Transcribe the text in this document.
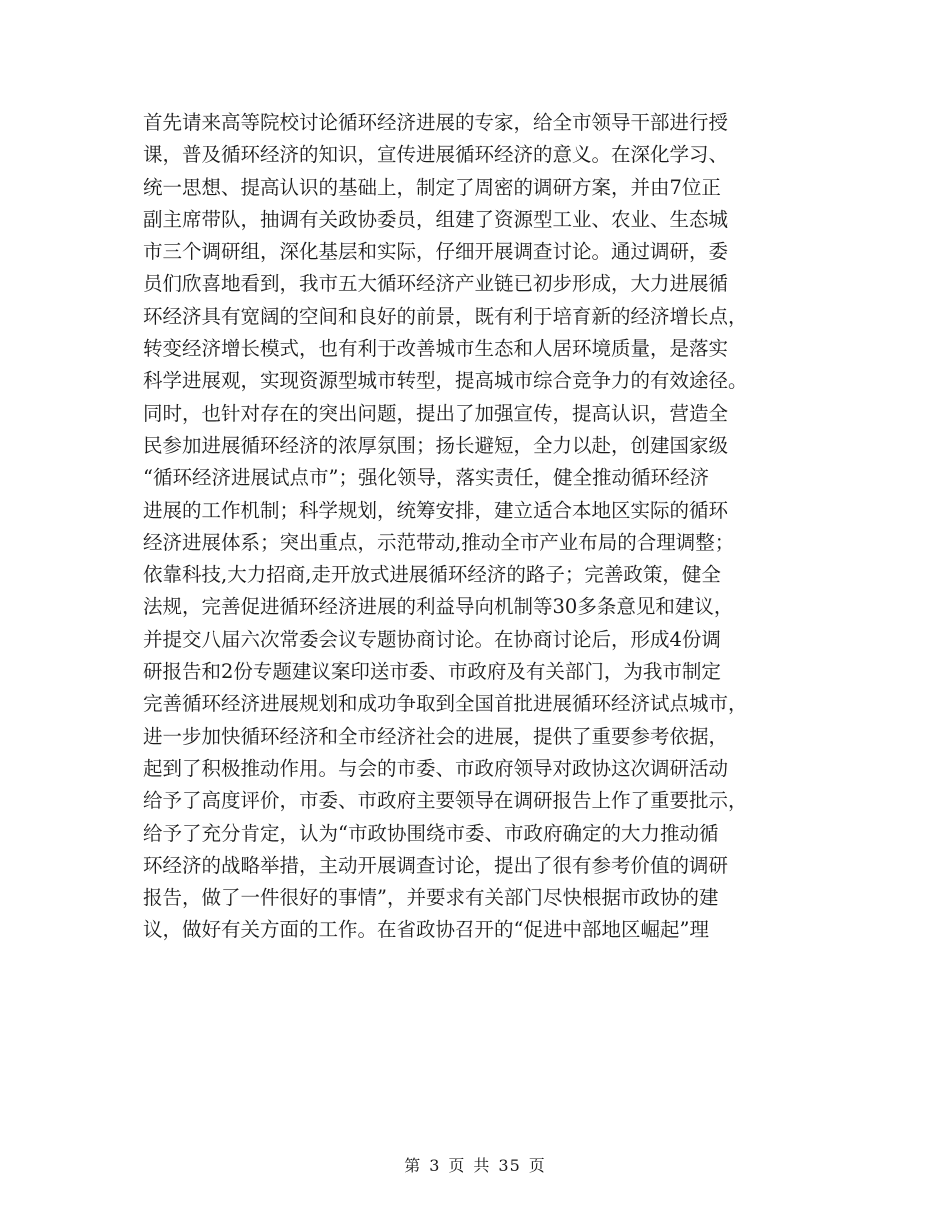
首先请来高等院校讨论循环经济进展的专家，给全市领导干部进行授
课，普及循环经济的知识，宣传进展循环经济的意义。在深化学习、
统一思想、提高认识的基础上，制定了周密的调研方案，并由7位正
副主席带队，抽调有关政协委员，组建了资源型工业、农业、生态城
市三个调研组，深化基层和实际，仔细开展调查讨论。通过调研，委
员们欣喜地看到，我市五大循环经济产业链已初步形成，大力进展循
环经济具有宽阔的空间和良好的前景，既有利于培育新的经济增长点，
转变经济增长模式，也有利于改善城市生态和人居环境质量，是落实
科学进展观，实现资源型城市转型，提高城市综合竞争力的有效途径。
同时，也针对存在的突出问题，提出了加强宣传，提高认识，营造全
民参加进展循环经济的浓厚氛围；扬长避短，全力以赴，创建国家级
“循环经济进展试点市”；强化领导，落实责任，健全推动循环经济
进展的工作机制；科学规划，统筹安排，建立适合本地区实际的循环
经济进展体系；突出重点，示范带动,推动全市产业布局的合理调整；
依靠科技,大力招商,走开放式进展循环经济的路子；完善政策，健全
法规，完善促进循环经济进展的利益导向机制等30多条意见和建议，
并提交八届六次常委会议专题协商讨论。在协商讨论后，形成4份调
研报告和2份专题建议案印送市委、市政府及有关部门，为我市制定
完善循环经济进展规划和成功争取到全国首批进展循环经济试点城市，
进一步加快循环经济和全市经济社会的进展，提供了重要参考依据，
起到了积极推动作用。与会的市委、市政府领导对政协这次调研活动
给予了高度评价，市委、市政府主要领导在调研报告上作了重要批示，
给予了充分肯定，认为“市政协围绕市委、市政府确定的大力推动循
环经济的战略举措，主动开展调查讨论，提出了很有参考价值的调研
报告，做了一件很好的事情”，并要求有关部门尽快根据市政协的建
议，做好有关方面的工作。在省政协召开的“促进中部地区崛起”理
第 3 页 共 35 页
